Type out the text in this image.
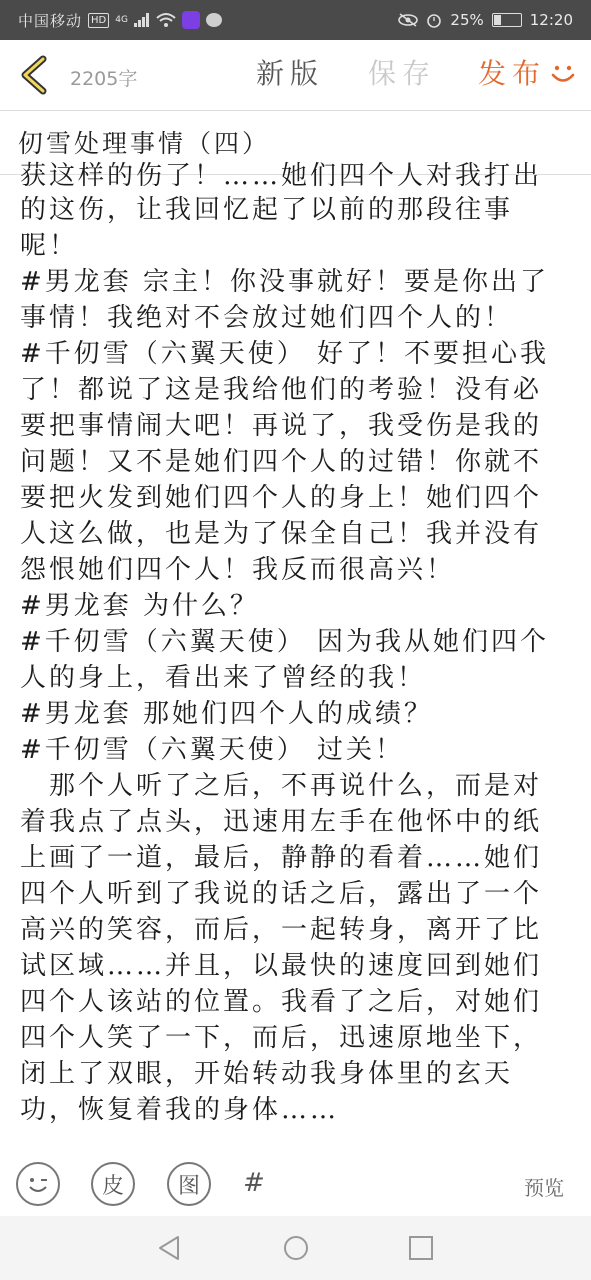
中国移动 HD	4G	25%	12:20
2205字	新版 保存 发布
仞雪处理事情（四）
获这样的伤了！……她们四个人对我打出
的这伤，让我回忆起了以前的那段往事
呢！
#男龙套 宗主！你没事就好！要是你出了
事情！我绝对不会放过她们四个人的！
#千仞雪（六翼天使） 好了！不要担心我
了！都说了这是我给他们的考验！没有必
要把事情闹大吧！再说了，我受伤是我的
问题！又不是她们四个人的过错！你就不
要把火发到她们四个人的身上！她们四个
人这么做，也是为了保全自己！我并没有
怨恨她们四个人！我反而很高兴！
#男龙套 为什么？
#千仞雪（六翼天使） 因为我从她们四个
人的身上，看出来了曾经的我！
#男龙套 那她们四个人的成绩？
#千仞雪（六翼天使） 过关！
　那个人听了之后，不再说什么，而是对
着我点了点头，迅速用左手在他怀中的纸
上画了一道，最后，静静的看着……她们
四个人听到了我说的话之后，露出了一个
高兴的笑容，而后，一起转身，离开了比
试区域……并且，以最快的速度回到她们
四个人该站的位置。我看了之后，对她们
四个人笑了一下，而后，迅速原地坐下，
闭上了双眼，开始转动我身体里的玄天
功，恢复着我的身体……
皮	图	#	预览
